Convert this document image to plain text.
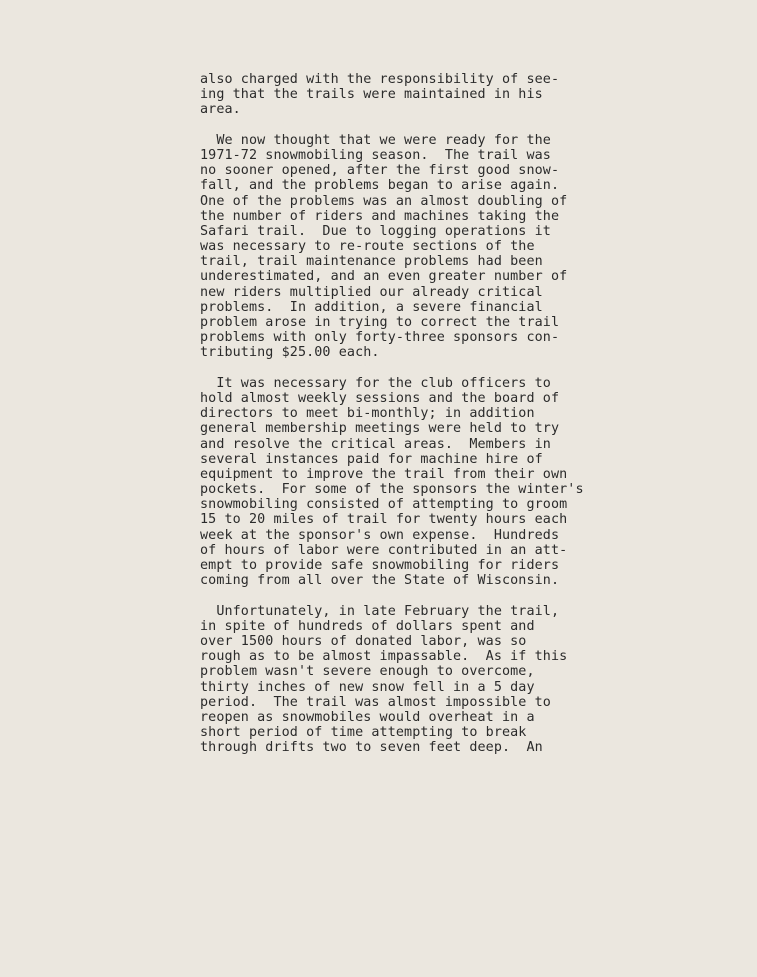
also charged with the responsibility of see-
ing that the trails were maintained in his
area.
We now thought that we were ready for the
1971-72 snowmobiling season.  The trail was
no sooner opened, after the first good snow-
fall, and the problems began to arise again.
One of the problems was an almost doubling of
the number of riders and machines taking the
Safari trail.  Due to logging operations it
was necessary to re-route sections of the
trail, trail maintenance problems had been
underestimated, and an even greater number of
new riders multiplied our already critical
problems.  In addition, a severe financial
problem arose in trying to correct the trail
problems with only forty-three sponsors con-
tributing $25.00 each.
It was necessary for the club officers to
hold almost weekly sessions and the board of
directors to meet bi-monthly; in addition
general membership meetings were held to try
and resolve the critical areas.  Members in
several instances paid for machine hire of
equipment to improve the trail from their own
pockets.  For some of the sponsors the winter's
snowmobiling consisted of attempting to groom
15 to 20 miles of trail for twenty hours each
week at the sponsor's own expense.  Hundreds
of hours of labor were contributed in an att-
empt to provide safe snowmobiling for riders
coming from all over the State of Wisconsin.
Unfortunately, in late February the trail,
in spite of hundreds of dollars spent and
over 1500 hours of donated labor, was so
rough as to be almost impassable.  As if this
problem wasn't severe enough to overcome,
thirty inches of new snow fell in a 5 day
period.  The trail was almost impossible to
reopen as snowmobiles would overheat in a
short period of time attempting to break
through drifts two to seven feet deep.  An
